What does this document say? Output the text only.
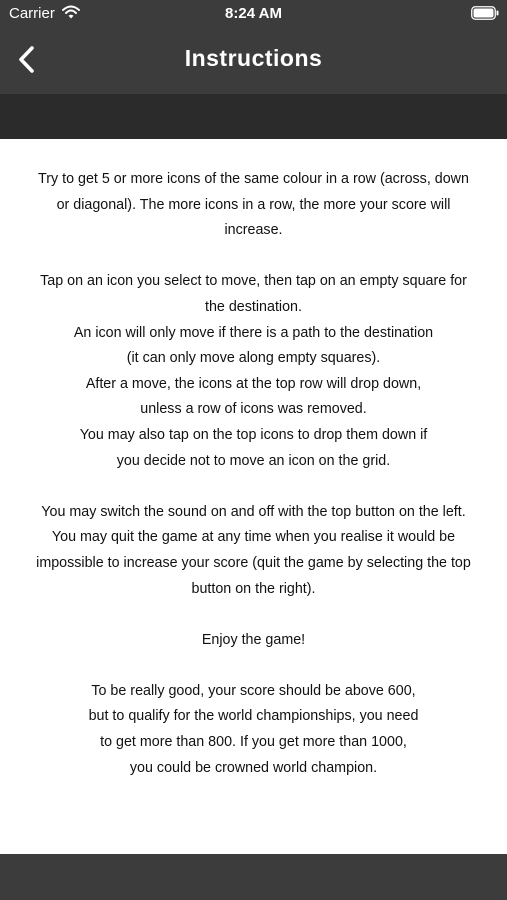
Carrier	8:24 AM
Instructions

Try to get 5 or more icons of the same colour in a row (across, down
or diagonal). The more icons in a row, the more your score will
increase.

Tap on an icon you select to move, then tap on an empty square for
the destination.
An icon will only move if there is a path to the destination
(it can only move along empty squares).
After a move, the icons at the top row will drop down,
unless a row of icons was removed.
You may also tap on the top icons to drop them down if
you decide not to move an icon on the grid.

You may switch the sound on and off with the top button on the left.
You may quit the game at any time when you realise it would be
impossible to increase your score (quit the game by selecting the top
button on the right).

Enjoy the game!

To be really good, your score should be above 600,
but to qualify for the world championships, you need
to get more than 800. If you get more than 1000,
you could be crowned world champion.
